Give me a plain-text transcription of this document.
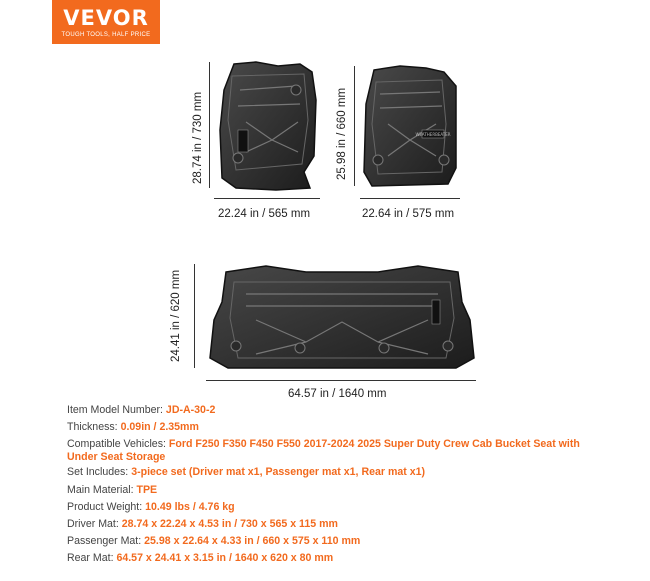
VEVOR
TOUGH TOOLS, HALF PRICE
28.74 in / 730 mm
22.24 in / 565 mm
WEATHERBEATER
25.98 in / 660 mm
22.64 in / 575 mm
24.41 in / 620 mm
64.57 in / 1640 mm
Item Model Number: JD-A-30-2
Thickness: 0.09in / 2.35mm
Compatible Vehicles: Ford F250 F350 F450 F550 2017-2024 2025 Super Duty Crew Cab Bucket Seat with
Under Seat Storage
Set Includes: 3-piece set (Driver mat x1, Passenger mat x1, Rear mat x1)
Main Material: TPE
Product Weight: 10.49 lbs / 4.76 kg
Driver Mat: 28.74 x 22.24 x 4.53 in / 730 x 565 x 115 mm
Passenger Mat: 25.98 x 22.64 x 4.33 in / 660 x 575 x 110 mm
Rear Mat: 64.57 x 24.41 x 3.15 in / 1640 x 620 x 80 mm
